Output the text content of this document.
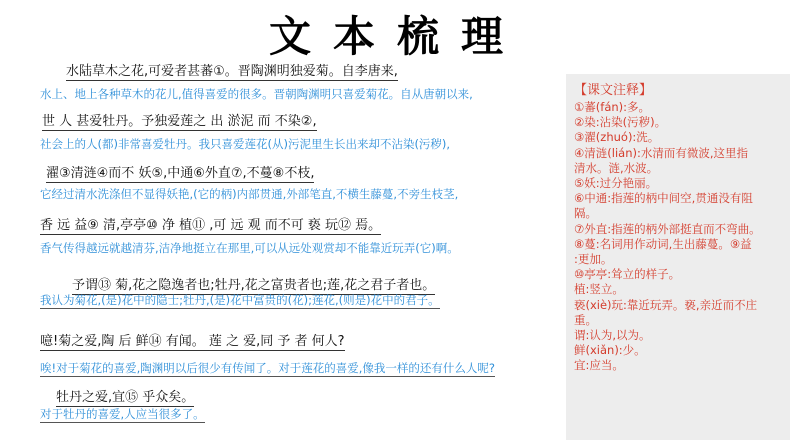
文本梳理
水陆草木之花,可爱者甚蕃①。晋陶渊明独爱菊。自李唐来,
水上、地上各种草木的花儿,值得喜爱的很多。晋朝陶渊明只喜爱菊花。自从唐朝以来,
世 人 甚爱牡丹。予独爱莲之 出 淤泥 而 不染②,
社会上的人(都)非常喜爱牡丹。我只喜爱莲花(从)污泥里生长出来却不沾染(污秽),
濯③清涟④而不 妖⑤,中通⑥外直⑦,不蔓⑧不枝,
它经过清水洗涤但不显得妖艳,(它的柄)内部贯通,外部笔直,不横生藤蔓,不旁生枝茎,
香 远 益⑨ 清,亭亭⑩ 净 植⑪ ,可 远 观 而不可 亵 玩⑫ 焉。
香气传得越远就越清芬,洁净地挺立在那里,可以从远处观赏却不能靠近玩弄(它)啊。
予谓⑬ 菊,花之隐逸者也;牡丹,花之富贵者也;莲,花之君子者也。
我认为菊花,(是)花中的隐士;牡丹,(是)花中富贵的(花);莲花,(则是)花中的君子。
噫!菊之爱,陶 后 鲜⑭ 有闻。 莲 之 爱,同 予 者 何人?
唉!对于菊花的喜爱,陶渊明以后很少有传闻了。对于莲花的喜爱,像我一样的还有什么人呢?
牡丹之爱,宜⑮ 乎众矣。
对于牡丹的喜爱,人应当很多了。
【课文注释】
①蕃(fán):多。
②染:沾染(污秽)。
③濯(zhuó):洗。
④清涟(lián):水清而有微波,这里指
清水。涟,水波。
⑤妖:过分艳丽。
⑥中通:指莲的柄中间空,贯通没有阻
隔。
⑦外直:指莲的柄外部挺直而不弯曲。
⑧蔓:名词用作动词,生出藤蔓。⑨益
:更加。
⑩亭亭:耸立的样子。
植:竖立。
亵(xiè)玩:靠近玩弄。亵,亲近而不庄
重。
谓:认为,以为。
鲜(xiǎn):少。
宜:应当。
